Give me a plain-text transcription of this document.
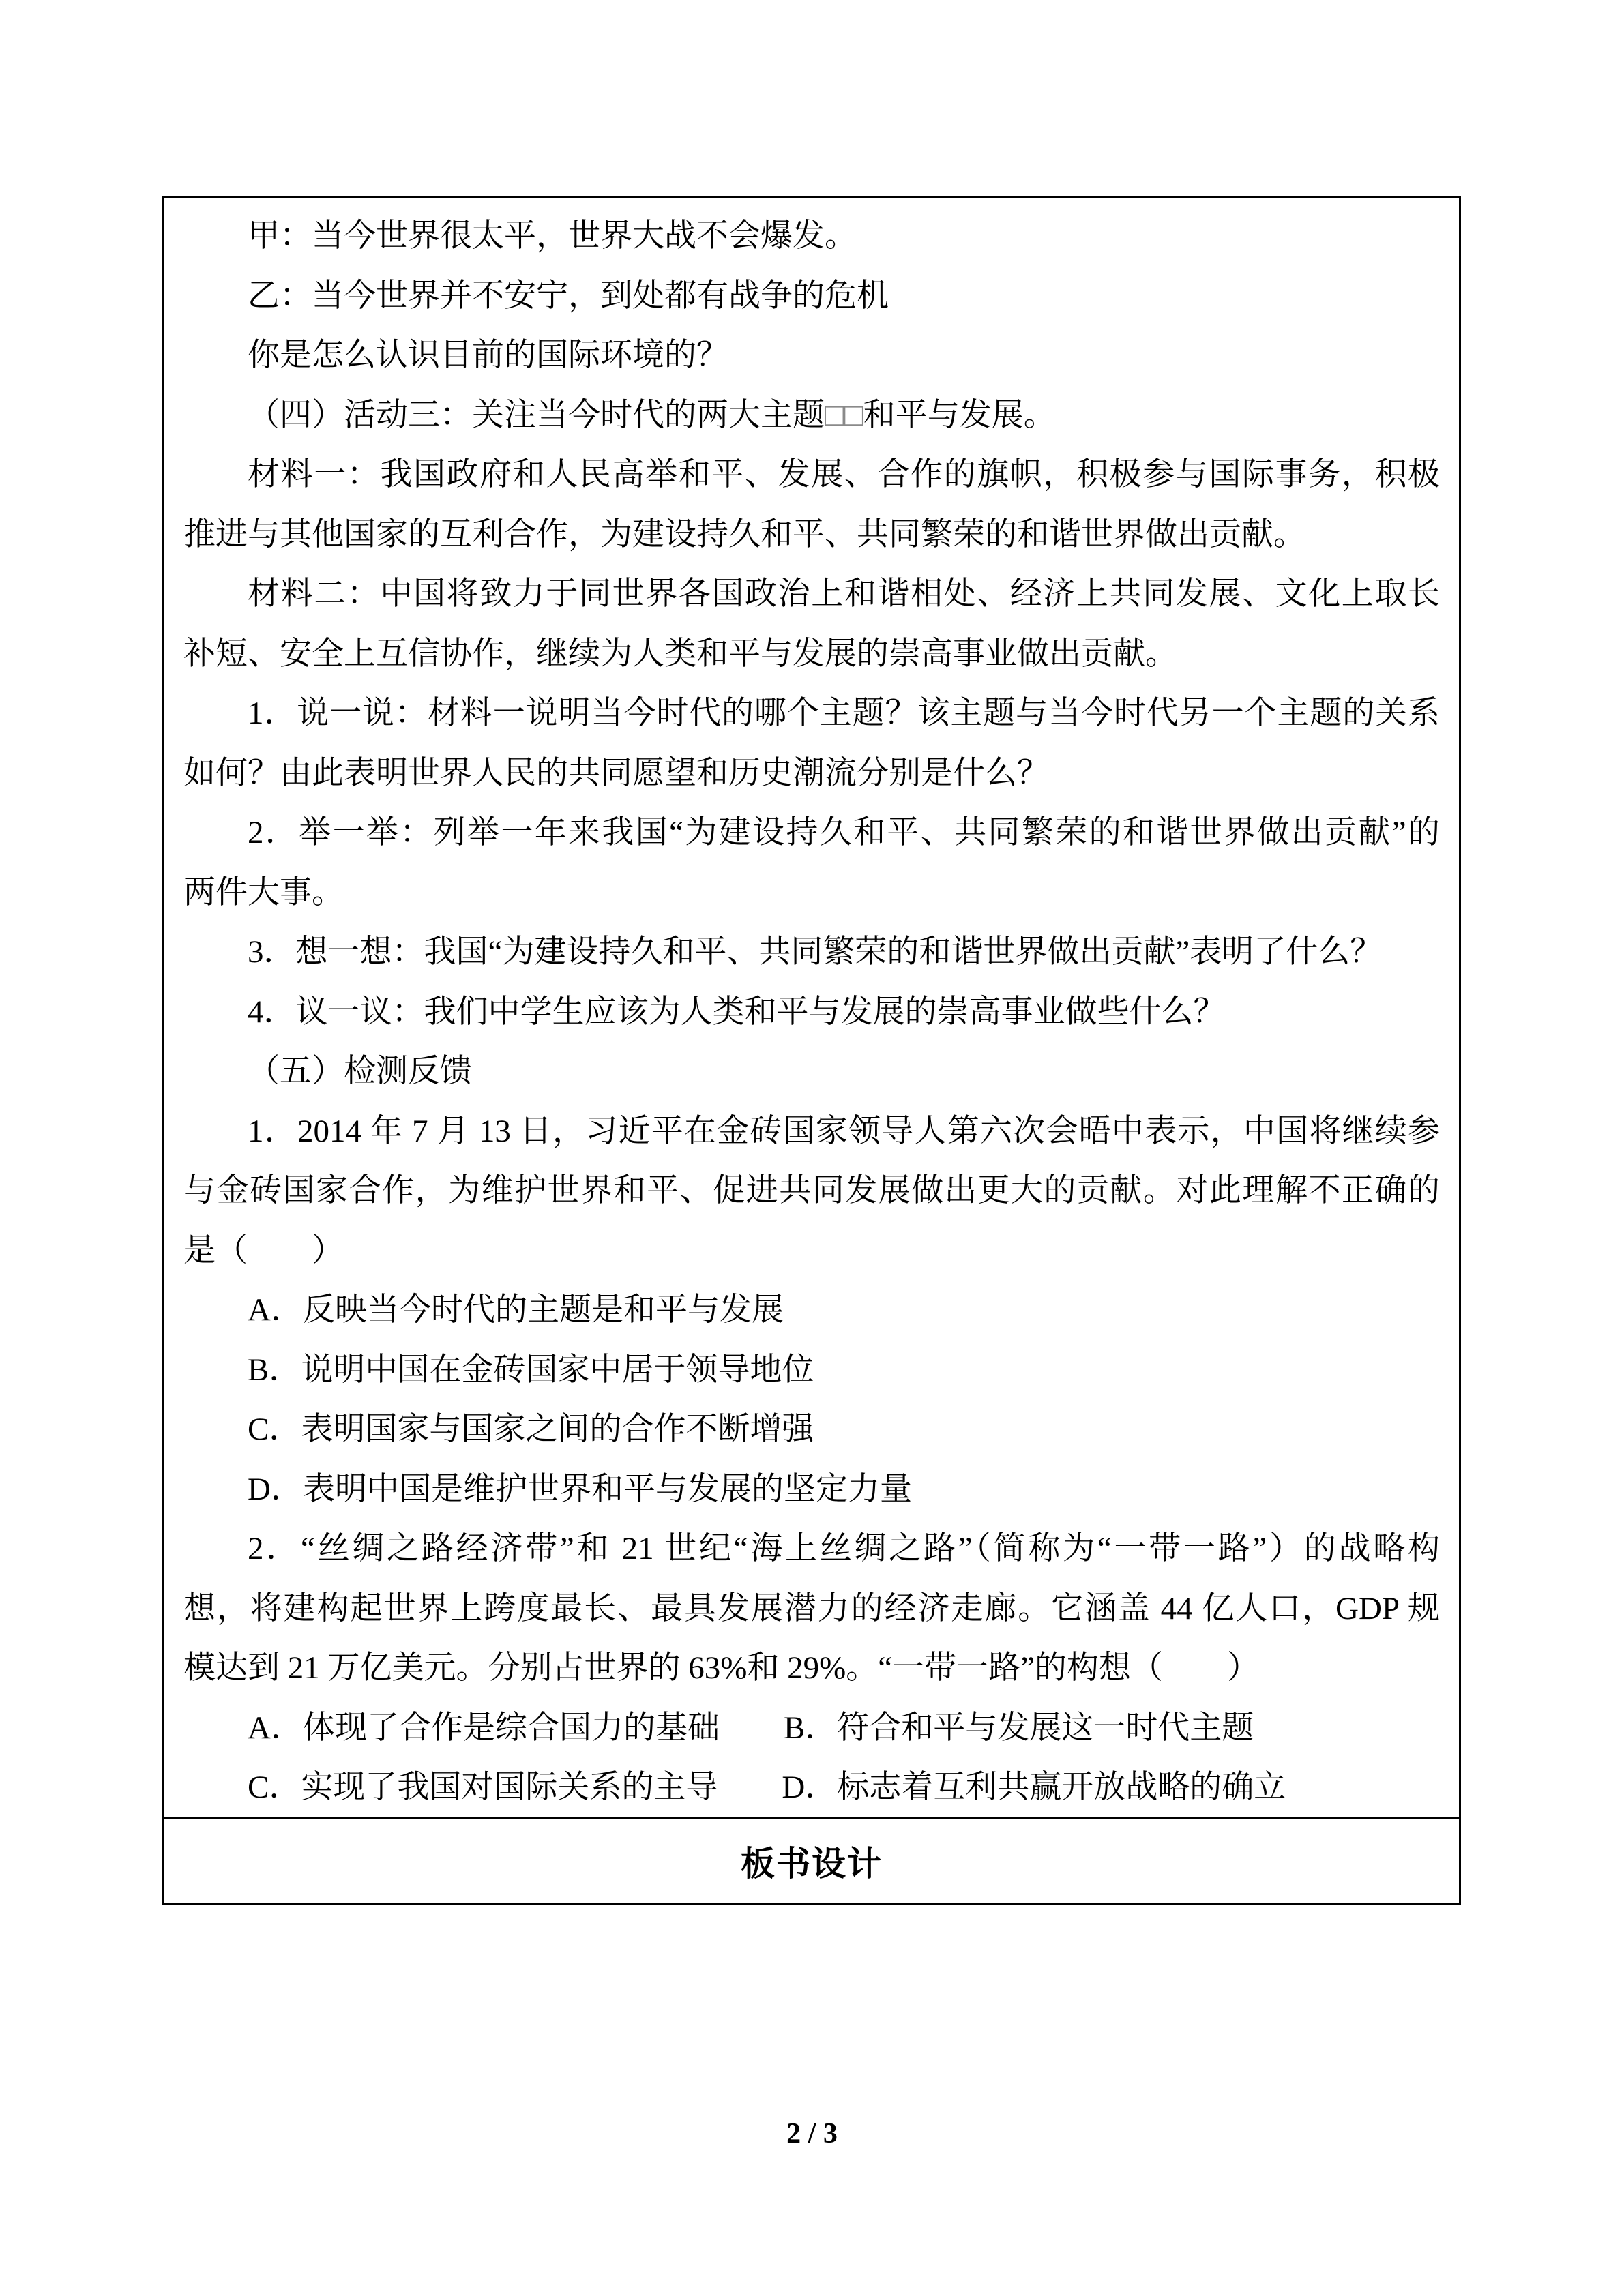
甲：当今世界很太平，世界大战不会爆发。
乙：当今世界并不安宁，到处都有战争的危机
你是怎么认识目前的国际环境的？
（四）活动三：关注当今时代的两大主题□□和平与发展。
材料一：我国政府和人民高举和平、发展、合作的旗帜，积极参与国际事务，积极
推进与其他国家的互利合作，为建设持久和平、共同繁荣的和谐世界做出贡献。
材料二：中国将致力于同世界各国政治上和谐相处、经济上共同发展、文化上取长
补短、安全上互信协作，继续为人类和平与发展的崇高事业做出贡献。
1．说一说：材料一说明当今时代的哪个主题？该主题与当今时代另一个主题的关系
如何？由此表明世界人民的共同愿望和历史潮流分别是什么？
2．举一举：列举一年来我国“为建设持久和平、共同繁荣的和谐世界做出贡献”的
两件大事。
3．想一想：我国“为建设持久和平、共同繁荣的和谐世界做出贡献”表明了什么？
4．议一议：我们中学生应该为人类和平与发展的崇高事业做些什么？
（五）检测反馈
1．2014 年 7 月 13 日，习近平在金砖国家领导人第六次会晤中表示，中国将继续参
与金砖国家合作，为维护世界和平、促进共同发展做出更大的贡献。对此理解不正确的
是（　　）
A．反映当今时代的主题是和平与发展
B．说明中国在金砖国家中居于领导地位
C．表明国家与国家之间的合作不断增强
D．表明中国是维护世界和平与发展的坚定力量
2．“丝绸之路经济带”和 21 世纪“海上丝绸之路”（简称为“一带一路”）的战略构
想，将建构起世界上跨度最长、最具发展潜力的经济走廊。它涵盖 44 亿人口，GDP 规
模达到 21 万亿美元。分别占世界的 63%和 29%。“一带一路”的构想（　　）
A．体现了合作是综合国力的基础　　B．符合和平与发展这一时代主题
C．实现了我国对国际关系的主导　　D．标志着互利共赢开放战略的确立
板书设计
2 / 3
